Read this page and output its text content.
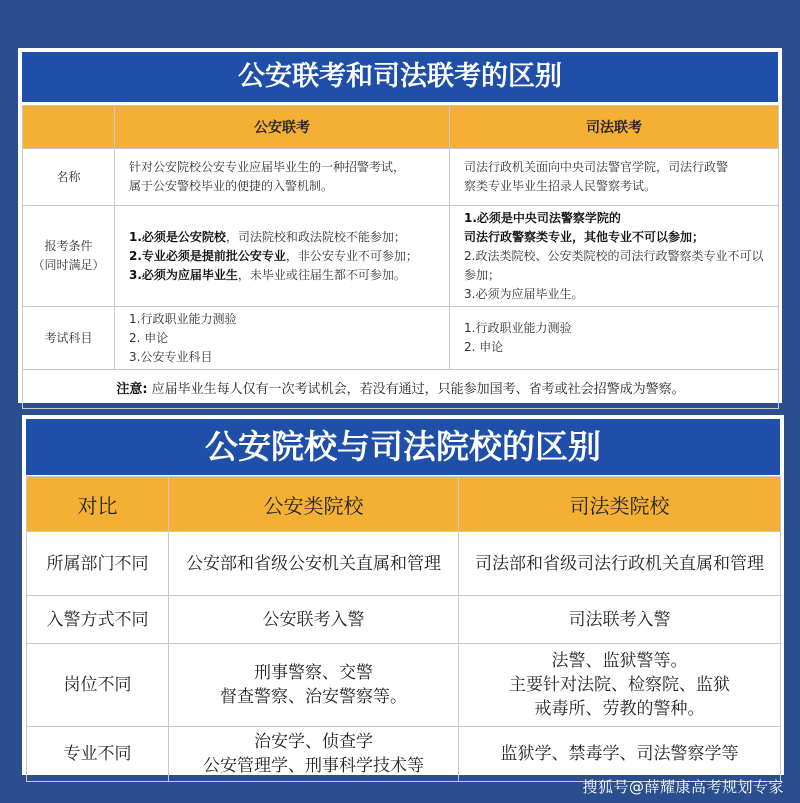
公安联考和司法联考的区别
	公安联考	司法联考
名称	针对公安院校公安专业应届毕业生的一种招警考试，
属于公安警校毕业的便捷的入警机制。	司法行政机关面向中央司法警官学院，司法行政警
察类专业毕业生招录人民警察考试。

报考条件
（同时满足）	1.必须是公安院校，司法院校和政法院校不能参加；
2.专业必须是提前批公安专业，非公安专业不可参加；
3.必须为应届毕业生，未毕业或往届生都不可参加。	1.必须是中央司法警察学院的
司法行政警察类专业，其他专业不可以参加；
2.政法类院校、公安类院校的司法行政警察类专业不可以参加；
3.必须为应届毕业生。

考试科目	1.行政职业能力测验
2. 申论
3.公安专业科目	1.行政职业能力测验
2. 申论

注意: 应届毕业生每人仅有一次考试机会，若没有通过，只能参加国考、省考或社会招警成为警察。		
公安院校与司法院校的区别
对比	公安类院校	司法类院校
所属部门不同	公安部和省级公安机关直属和管理	司法部和省级司法行政机关直属和管理

入警方式不同	公安联考入警	司法联考入警

岗位不同	刑事警察、交警
督查警察、治安警察等。	法警、监狱警等。
主要针对法院、检察院、监狱
戒毒所、劳教的警种。

专业不同	治安学、侦查学
公安管理学、刑事科学技术等	监狱学、禁毒学、司法警察学等
搜狐号@薛耀康高考规划专家
